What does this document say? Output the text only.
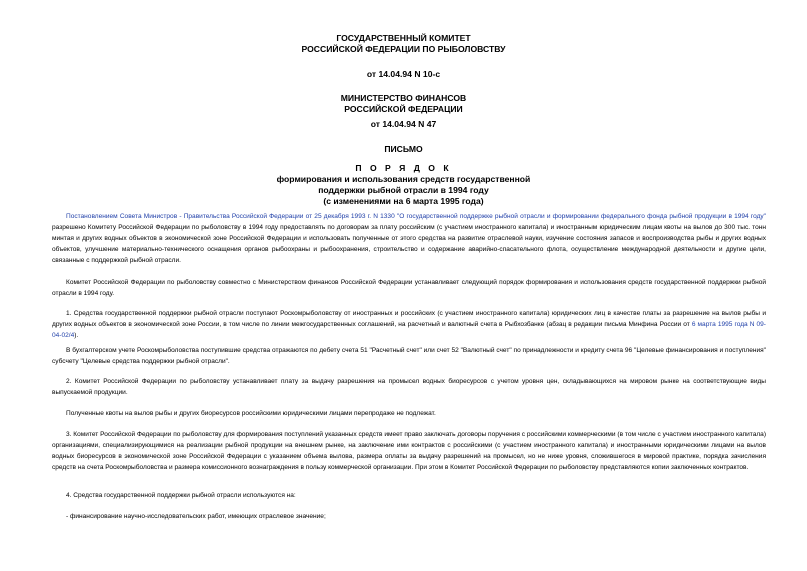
ГОСУДАРСТВЕННЫЙ КОМИТЕТ
РОССИЙСКОЙ ФЕДЕРАЦИИ ПО РЫБОЛОВСТВУ
от 14.04.94 N 10-с
МИНИСТЕРСТВО ФИНАНСОВ
РОССИЙСКОЙ ФЕДЕРАЦИИ
от 14.04.94 N 47
ПИСЬМО
П О Р Я Д О К
формирования и использования средств государственной
поддержки рыбной отрасли в 1994 году
(с изменениями на 6 марта 1995 года)

Постановлением Совета Министров - Правительства Российской Федерации от 25 декабря 1993 г. N 1330 "О государственной поддержке рыбной отрасли и формировании федерального фонда рыбной продукции в 1994 году" разрешено Комитету Российской Федерации по рыболовству в 1994 году предоставлять по договорам за плату российским (с участием иностранного капитала) и иностранным юридическим лицам квоты на вылов до 300 тыс. тонн минтая и других водных объектов в экономической зоне Российской Федерации и использовать полученные от этого средства на развитие отраслевой науки, изучение состояния запасов и воспроизводства рыбы и других водных объектов, улучшение материально-технического оснащения органов рыбоохраны и рыбоохранения, строительство и содержание аварийно-спасательного флота, осуществление международной деятельности и другие цели, связанные с поддержкой рыбной отрасли.

Комитет Российской Федерации по рыболовству совместно с Министерством финансов Российской Федерации устанавливает следующий порядок формирования и использования средств государственной поддержки рыбной отрасли в 1994 году.

1. Средства государственной поддержки рыбной отрасли поступают Роскомрыболовству от иностранных и российских (с участием иностранного капитала) юридических лиц в качестве платы за разрешение на вылов рыбы и других водных объектов в экономической зоне России, в том числе по линии межгосударственных соглашений, на расчетный и валютный счета в Рыбхозбанке (абзац в редакции письма Минфина России от 6 марта 1995 года N 09-04-02/4).

В бухгалтерском учете Роскомрыболовства поступившие средства отражаются по дебету счета 51 "Расчетный счет" или счет 52 "Валютный счет" по принадлежности и кредиту счета 96 "Целевые финансирования и поступления" субсчету "Целевые средства поддержки рыбной отрасли".

2. Комитет Российской Федерации по рыболовству устанавливает плату за выдачу разрешения на промысел водных биоресурсов с учетом уровня цен, складывающихся на мировом рынке на соответствующие виды выпускаемой продукции.

Полученные квоты на вылов рыбы и других биоресурсов российскими юридическими лицами перепродаже не подлежат.

3. Комитет Российской Федерации по рыболовству для формирования поступлений указанных средств имеет право заключать договоры поручения с российскими коммерческими (в том числе с участием иностранного капитала) организациями, специализирующимися на реализации рыбной продукции на внешнем рынке, на заключение ими контрактов с российскими (с участием иностранного капитала) и иностранными юридическими лицами на вылов водных биоресурсов в экономической зоне Российской Федерации с указанием объема вылова, размера оплаты за выдачу разрешений на промысел, но не ниже уровня, сложившегося в мировой практике, порядка зачисления средств на счета Роскомрыболовства и размера комиссионного вознаграждения в пользу коммерческой организации. При этом в Комитет Российской Федерации по рыболовству представляются копии заключенных контрактов.

4. Средства государственной поддержки рыбной отрасли используются на:

- финансирование научно-исследовательских работ, имеющих отраслевое значение;
